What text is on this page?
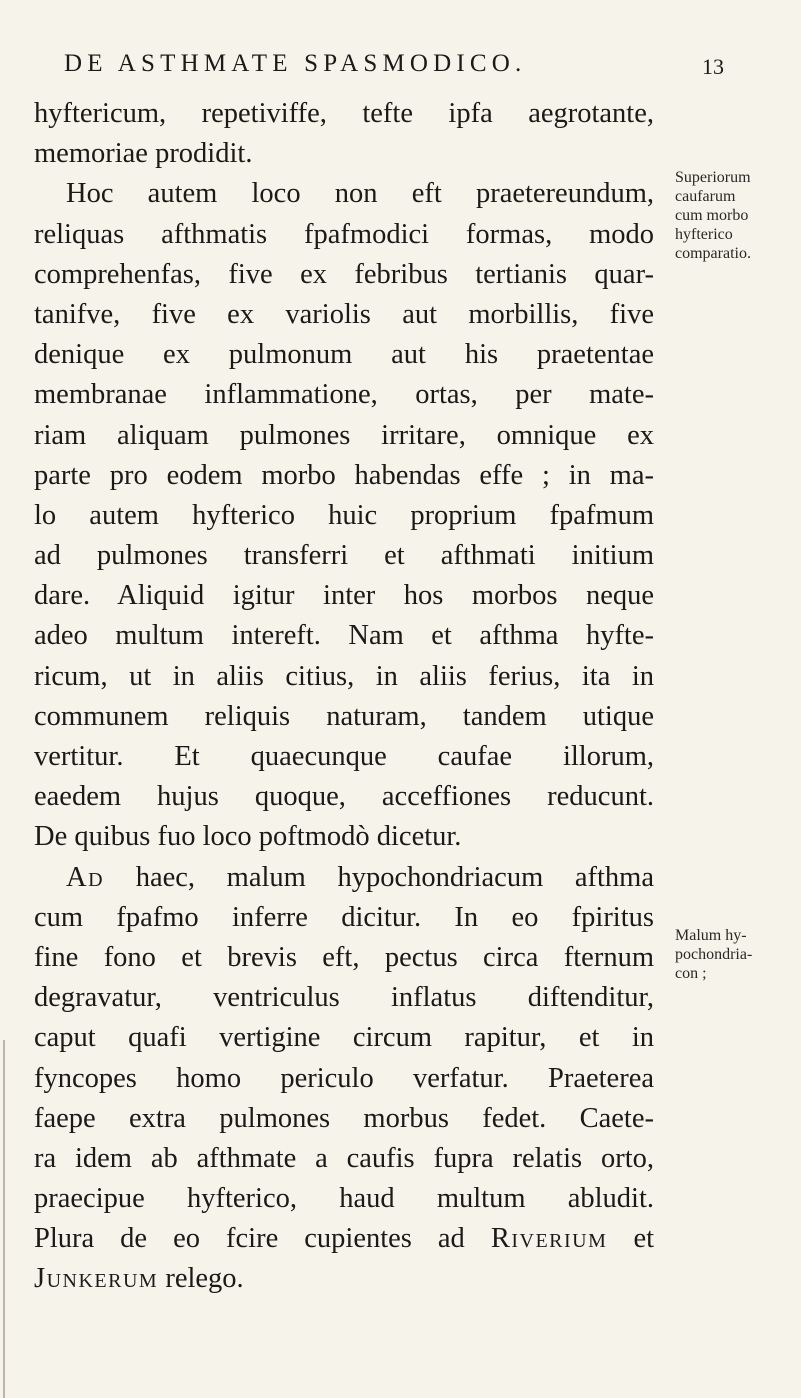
DE ASTHMATE SPASMODICO.	13
hyftericum, repetiviffe, tefte ipfa aegrotante,
memoriae prodidit.
Hoc autem loco non eft praetereundum,
reliquas afthmatis fpafmodici formas, modo
comprehenfas, five ex febribus tertianis quar-
tanifve, five ex variolis aut morbillis, five
denique ex pulmonum aut his praetentae
membranae inflammatione, ortas, per mate-
riam aliquam pulmones irritare, omnique ex
parte pro eodem morbo habendas effe ; in ma-
lo autem hyfterico huic proprium fpafmum
ad pulmones transferri et afthmati initium
dare. Aliquid igitur inter hos morbos neque
adeo multum intereft. Nam et afthma hyfte-
ricum, ut in aliis citius, in aliis ferius, ita in
communem reliquis naturam, tandem utique
vertitur. Et quaecunque caufae illorum,
eaedem hujus quoque, acceffiones reducunt.
De quibus fuo loco poftmodò dicetur.
Ad haec, malum hypochondriacum afthma
cum fpafmo inferre dicitur. In eo fpiritus
fine fono et brevis eft, pectus circa fternum
degravatur, ventriculus inflatus diftenditur,
caput quafi vertigine circum rapitur, et in
fyncopes homo periculo verfatur. Praeterea
faepe extra pulmones morbus fedet. Caete-
ra idem ab afthmate a caufis fupra relatis orto,
praecipue hyfterico, haud multum abludit.
Plura de eo fcire cupientes ad Riverium et
Junkerum relego.
Superiorum
caufarum
cum morbo
hyfterico
comparatio.
Malum hy-
pochondria-
con ;
